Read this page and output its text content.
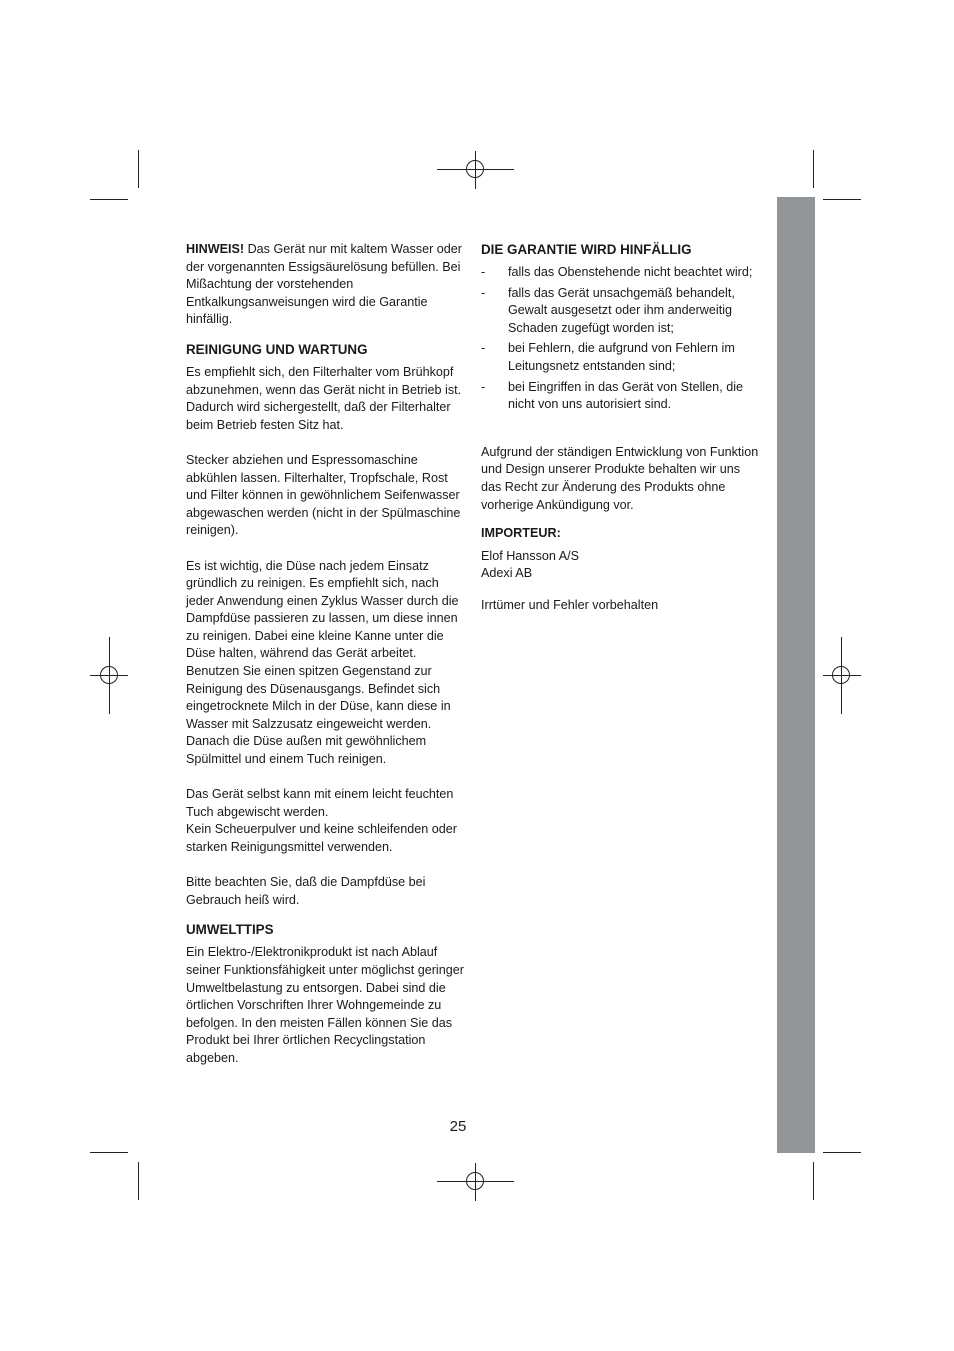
HINWEIS! Das Gerät nur mit kaltem Wasser oder der vorgenannten Essigsäurelösung befüllen. Bei Mißachtung der vorstehenden Entkalkungsanweisungen wird die Garantie hinfällig.

REINIGUNG UND WARTUNG

Es empfiehlt sich, den Filterhalter vom Brühkopf abzunehmen, wenn das Gerät nicht in Betrieb ist. Dadurch wird sichergestellt, daß der Filterhalter beim Betrieb festen Sitz hat.

Stecker abziehen und Espressomaschine abkühlen lassen. Filterhalter, Tropfschale, Rost und Filter können in gewöhnlichem Seifenwasser abgewaschen werden (nicht in der Spülmaschine reinigen).

Es ist wichtig, die Düse nach jedem Einsatz gründlich zu reinigen. Es empfiehlt sich, nach jeder Anwendung einen Zyklus Wasser durch die Dampfdüse passieren zu lassen, um diese innen zu reinigen. Dabei eine kleine Kanne unter die Düse halten, während das Gerät arbeitet. Benutzen Sie einen spitzen Gegenstand zur Reinigung des Düsenausgangs. Befindet sich eingetrocknete Milch in der Düse, kann diese in Wasser mit Salzzusatz eingeweicht werden. Danach die Düse außen mit gewöhnlichem Spülmittel und einem Tuch reinigen.

Das Gerät selbst kann mit einem leicht feuchten Tuch abgewischt werden.

Kein Scheuerpulver und keine schleifenden oder starken Reinigungsmittel verwenden.

Bitte beachten Sie, daß die Dampfdüse bei Gebrauch heiß wird.

UMWELTTIPS

Ein Elektro-/Elektronikprodukt ist nach Ablauf seiner Funktionsfähigkeit unter möglichst geringer Umweltbelastung zu entsorgen. Dabei sind die örtlichen Vorschriften Ihrer Wohngemeinde zu befolgen. In den meisten Fällen können Sie das Produkt bei Ihrer örtlichen Recyclingstation abgeben.

DIE GARANTIE WIRD HINFÄLLIG
- falls das Obenstehende nicht beachtet wird;
- falls das Gerät unsachgemäß behandelt, Gewalt ausgesetzt oder ihm anderweitig Schaden zugefügt worden ist;
- bei Fehlern, die aufgrund von Fehlern im Leitungsnetz entstanden sind;
- bei Eingriffen in das Gerät von Stellen, die nicht von uns autorisiert sind.

Aufgrund der ständigen Entwicklung von Funktion und Design unserer Produkte behalten wir uns das Recht zur Änderung des Produkts ohne vorherige Ankündigung vor.

IMPORTEUR:

Elof Hansson A/S

Adexi AB

Irrtümer und Fehler vorbehalten

25
